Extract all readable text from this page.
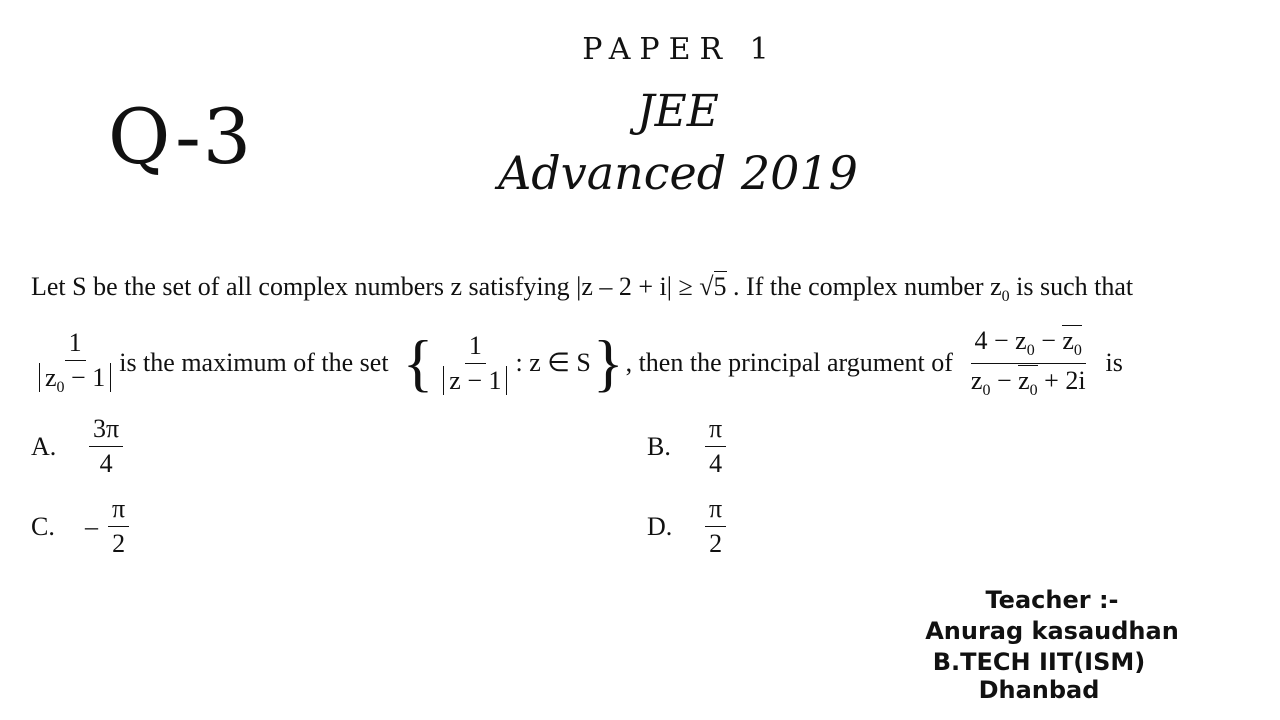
Q-3
PAPER 1
JEE
Advanced 2019
Let S be the set of all complex numbers z satisfying |z – 2 + i| ≥ √5 . If the complex number $z_0$ is such that
$\frac{1}{z_0 - 1}$ is the maximum of the set { $\frac{1}{z - 1}$ : z ∈ S } , then the principal argument of $\frac{4 - z_0 - z_0}{z_0 - z_0 + 2i}$ is
A.	$\frac{3\pi}{4}$	B.	$\frac{\pi}{4}$
C.	– $\frac{\pi}{2}$	D.	$\frac{\pi}{2}$
Teacher :-
Anurag kasaudhan
B.TECH IIT(ISM) Dhanbad
